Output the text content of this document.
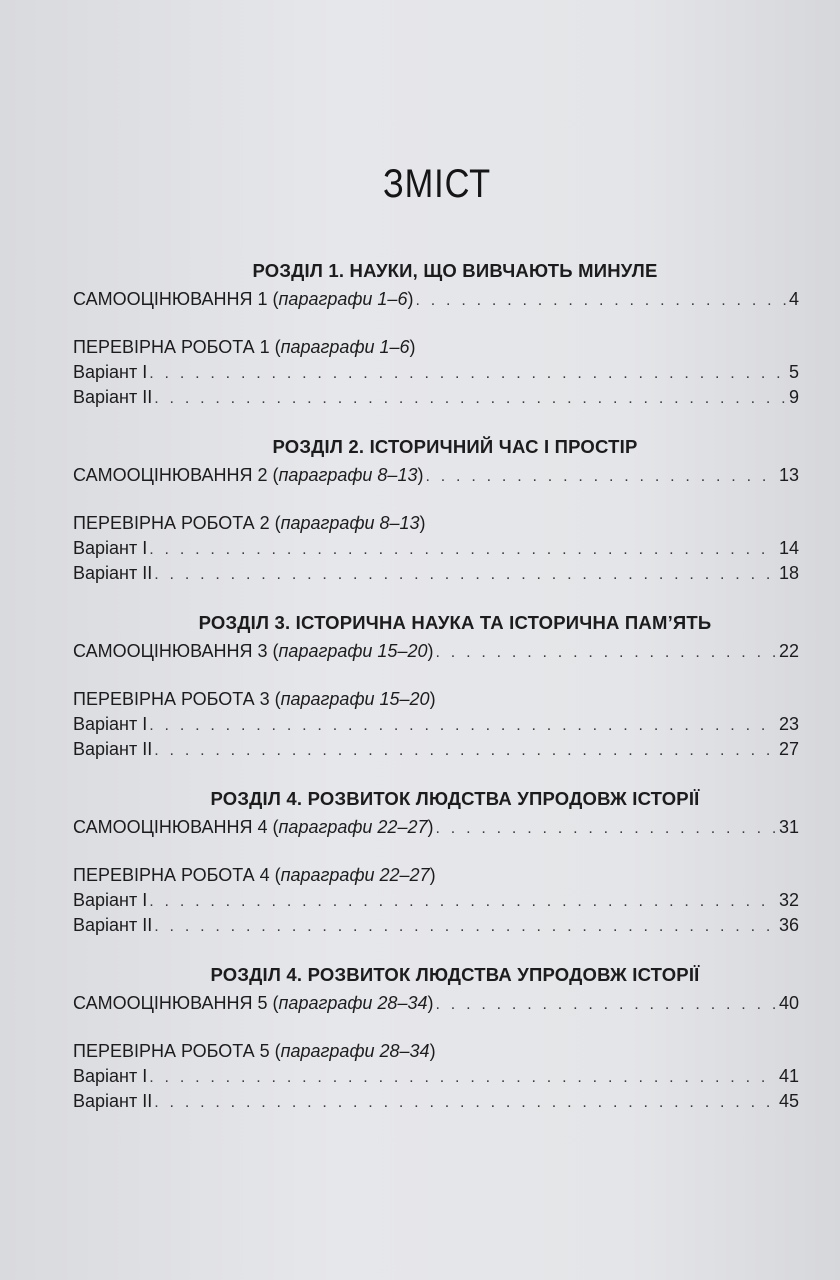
ЗМІСТ
РОЗДІЛ 1. НАУКИ, ЩО ВИВЧАЮТЬ МИНУЛЕ
САМООЦІНЮВАННЯ 1 (параграфи 1–6) . . .	4
ПЕРЕВІРНА РОБОТА 1 (параграфи 1–6)
Варіант І . . .	5
Варіант ІІ . . .	9
РОЗДІЛ 2. ІСТОРИЧНИЙ ЧАС І ПРОСТІР
САМООЦІНЮВАННЯ 2 (параграфи 8–13) . . .	13
ПЕРЕВІРНА РОБОТА 2 (параграфи 8–13)
Варіант І . . .	14
Варіант ІІ . . .	18
РОЗДІЛ 3. ІСТОРИЧНА НАУКА ТА ІСТОРИЧНА ПАМ’ЯТЬ
САМООЦІНЮВАННЯ 3 (параграфи 15–20) . . .	22
ПЕРЕВІРНА РОБОТА 3 (параграфи 15–20)
Варіант І . . .	23
Варіант ІІ . . .	27
РОЗДІЛ 4. РОЗВИТОК ЛЮДСТВА УПРОДОВЖ ІСТОРІЇ
САМООЦІНЮВАННЯ 4 (параграфи 22–27) . . .	31
ПЕРЕВІРНА РОБОТА 4 (параграфи 22–27)
Варіант І . . .	32
Варіант ІІ . . .	36
РОЗДІЛ 4. РОЗВИТОК ЛЮДСТВА УПРОДОВЖ ІСТОРІЇ
САМООЦІНЮВАННЯ 5 (параграфи 28–34) . . .	40
ПЕРЕВІРНА РОБОТА 5 (параграфи 28–34)
Варіант І . . .	41
Варіант ІІ . . .	45
